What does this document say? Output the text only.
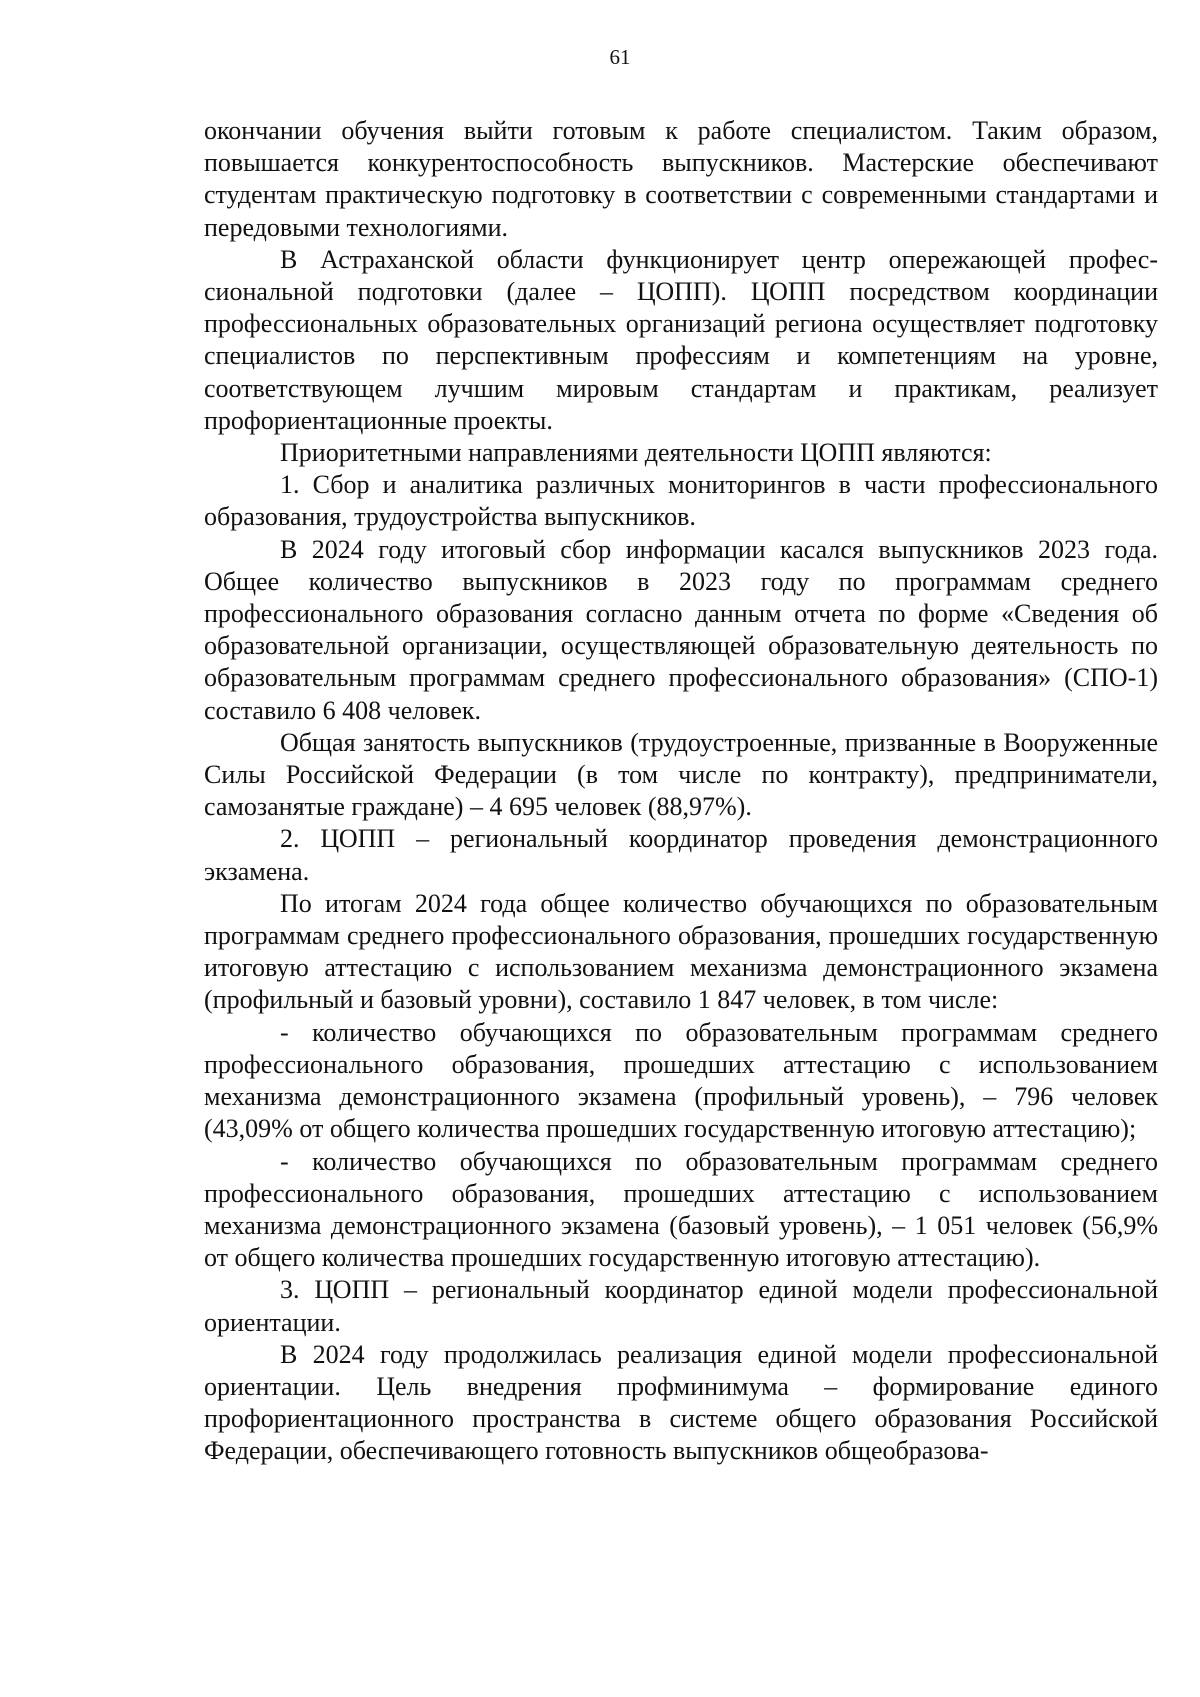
61

окончании обучения выйти готовым к работе специалистом. Таким образом, повышается конкурентоспособность выпускников. Мастерские обеспечивают студентам практическую подготовку в соответствии с современными стандартами и передовыми технологиями.

В Астраханской области функционирует центр опережающей профессиональной подготовки (далее – ЦОПП). ЦОПП посредством координации профессиональных образовательных организаций региона осуществляет подготовку специалистов по перспективным профессиям и компетенциям на уровне, соответствующем лучшим мировым стандартам и практикам, реализует профориентационные проекты.

Приоритетными направлениями деятельности ЦОПП являются:

1. Сбор и аналитика различных мониторингов в части профессионального образования, трудоустройства выпускников.

В 2024 году итоговый сбор информации касался выпускников 2023 года. Общее количество выпускников в 2023 году по программам среднего профессионального образования согласно данным отчета по форме «Сведения об образовательной организации, осуществляющей образовательную деятельность по образовательным программам среднего профессионального образования» (СПО-1) составило 6 408 человек.

Общая занятость выпускников (трудоустроенные, призванные в Вооруженные Силы Российской Федерации (в том числе по контракту), предприниматели, самозанятые граждане) – 4 695 человек (88,97%).

2. ЦОПП – региональный координатор проведения демонстрационного экзамена.

По итогам 2024 года общее количество обучающихся по образовательным программам среднего профессионального образования, прошедших государственную итоговую аттестацию с использованием механизма демонстрационного экзамена (профильный и базовый уровни), составило 1 847 человек, в том числе:

- количество обучающихся по образовательным программам среднего профессионального образования, прошедших аттестацию с использованием механизма демонстрационного экзамена (профильный уровень), – 796 человек (43,09% от общего количества прошедших государственную итоговую аттестацию);

- количество обучающихся по образовательным программам среднего профессионального образования, прошедших аттестацию с использованием механизма демонстрационного экзамена (базовый уровень), – 1 051 человек (56,9% от общего количества прошедших государственную итоговую аттестацию).

3. ЦОПП – региональный координатор единой модели профессиональной ориентации.

В 2024 году продолжилась реализация единой модели профессиональной ориентации. Цель внедрения профминимума – формирование единого профориентационного пространства в системе общего образования Российской Федерации, обеспечивающего готовность выпускников общеобразова-
